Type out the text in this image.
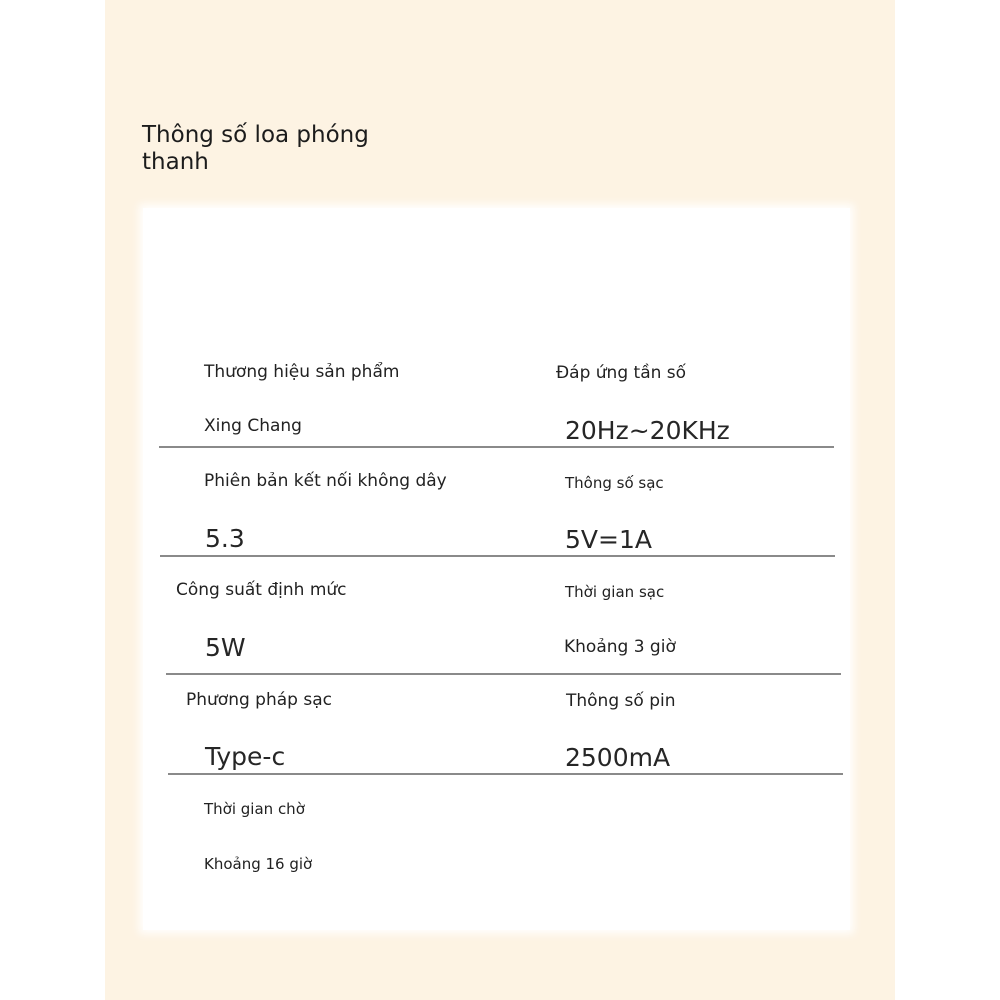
Thông số loa phóng thanh
Thương hiệu sản phẩm
Xing Chang
Đáp ứng tần số
20Hz~20KHz
Phiên bản kết nối không dây
5.3
Thông số sạc
5V=1A
Công suất định mức
5W
Thời gian sạc
Khoảng 3 giờ
Phương pháp sạc
Type-c
Thông số pin
2500mA
Thời gian chờ
Khoảng 16 giờ
